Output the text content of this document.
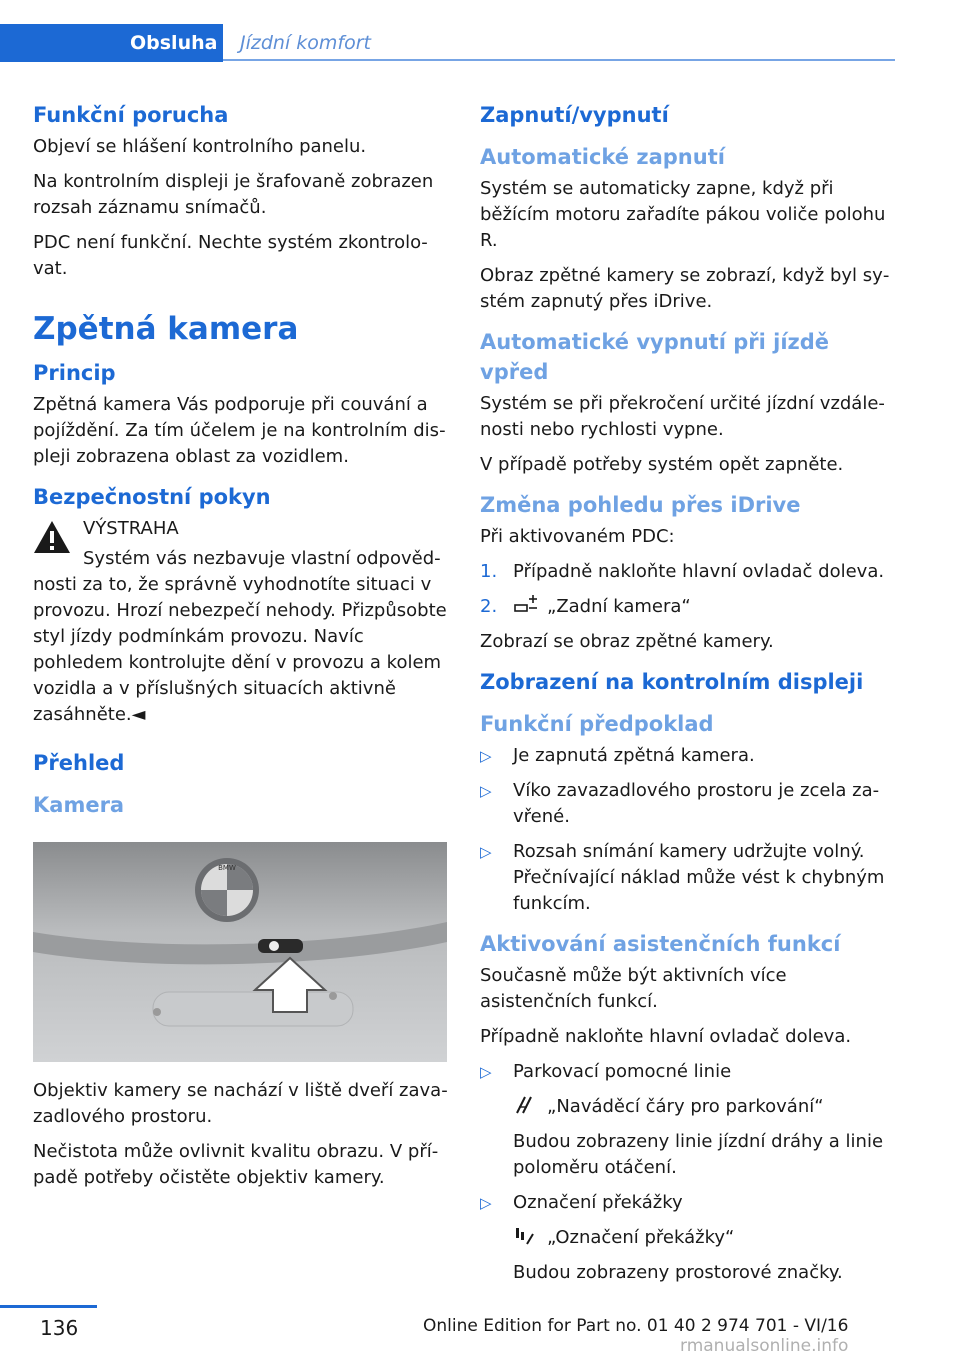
Obsluha Jízdní komfort
Funkční porucha

Objeví se hlášení kontrolního panelu.

Na kontrolním displeji je šrafovaně zobrazen rozsah záznamu snímačů.

PDC není funkční. Nechte systém zkontrolovat.

Zpětná kamera
Princip

Zpětná kamera Vás podporuje při couvání a pojíždění. Za tím účelem je na kontrolním displeji zobrazena oblast za vozidlem.

Bezpečnostní pokyn

VÝSTRAHA

Systém vás nezbavuje vlastní odpověd-

nosti za to, že správně vyhodnotíte situaci v provozu. Hrozí nebezpečí nehody. Přizpůsobte styl jízdy podmínkám provozu. Navíc pohledem kontrolujte dění v provozu a kolem vozidla a v příslušných situacích aktivně zasáhněte.◄

Přehled
Kamera
BMW

Objektiv kamery se nachází v liště dveří zavazadlového prostoru.

Nečistota může ovlivnit kvalitu obrazu. V případě potřeby očistěte objektiv kamery.

Zapnutí/vypnutí
Automatické zapnutí

Systém se automaticky zapne, když při běžícím motoru zařadíte pákou voliče polohu R.

Obraz zpětné kamery se zobrazí, když byl systém zapnutý přes iDrive.

Automatické vypnutí při jízdě vpřed

Systém se při překročení určité jízdní vzdálenosti nebo rychlosti vypne.

V případě potřeby systém opět zapněte.

Změna pohledu přes iDrive

Při aktivovaném PDC:

1. Případně nakloňte hlavní ovladač doleva.
2.	„Zadní kamera“

Zobrazí se obraz zpětné kamery.

Zobrazení na kontrolním displeji
Funkční předpoklad
▷	Je zapnutá zpětná kamera.
▷	Víko zavazadlového prostoru je zcela zavřené.
▷	Rozsah snímání kamery udržujte volný. Přečnívající náklad může vést k chybným funkcím.
Aktivování asistenčních funkcí

Současně může být aktivních více asistenčních funkcí.

Případně nakloňte hlavní ovladač doleva.

▷	Parkovací pomocné linie

„Naváděcí čáry pro parkování“

Budou zobrazeny linie jízdní dráhy a linie poloměru otáčení.

▷	Označení překážky

„Označení překážky“

Budou zobrazeny prostorové značky.

136	Online Edition for Part no. 01 40 2 974 701 - VI/16
rmanualsonline.info
